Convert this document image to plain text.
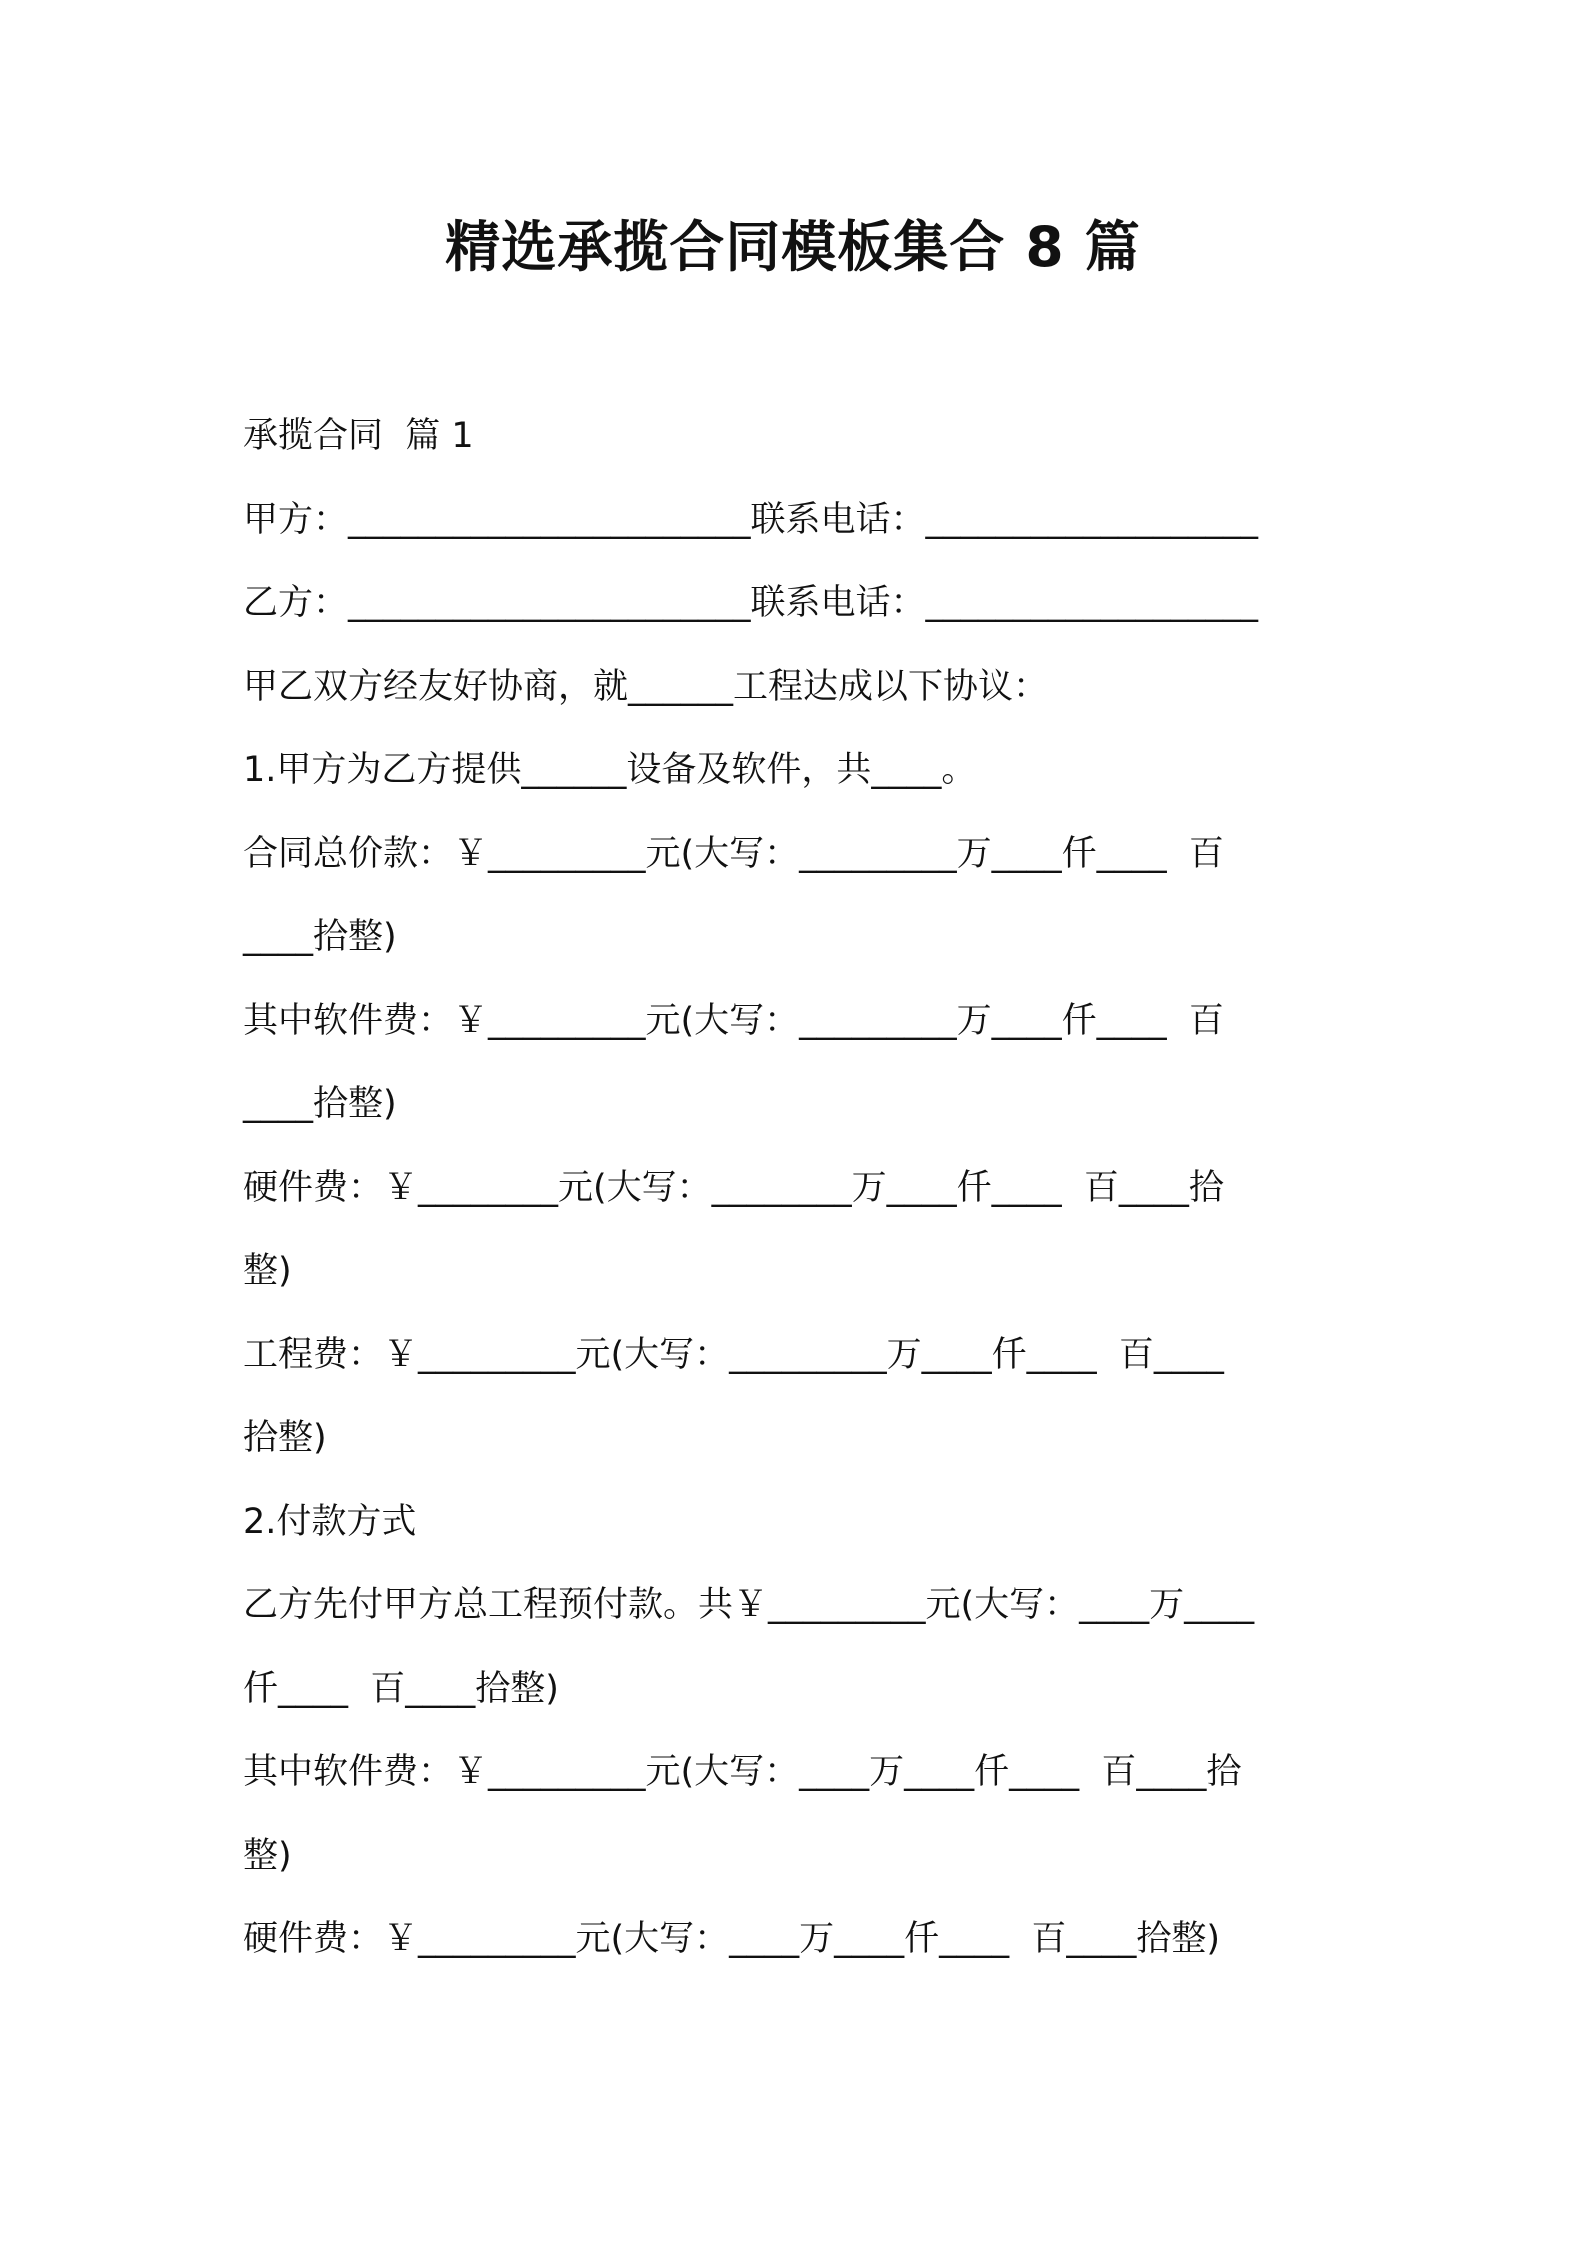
精选承揽合同模板集合 8 篇
承揽合同  篇 1
甲方：_______________________联系电话：___________________
乙方：_______________________联系电话：___________________
甲乙双方经友好协商，就______工程达成以下协议：
1.甲方为乙方提供______设备及软件，共____。
合同总价款：￥_________元(大写：_________万____仟____  百
____拾整)
其中软件费：￥_________元(大写：_________万____仟____  百
____拾整)
硬件费：￥________元(大写：________万____仟____  百____拾
整)
工程费：￥_________元(大写：_________万____仟____  百____
拾整)
2.付款方式
乙方先付甲方总工程预付款。共￥_________元(大写：____万____
仟____  百____拾整)
其中软件费：￥_________元(大写：____万____仟____  百____拾
整)
硬件费：￥_________元(大写：____万____仟____  百____拾整)
